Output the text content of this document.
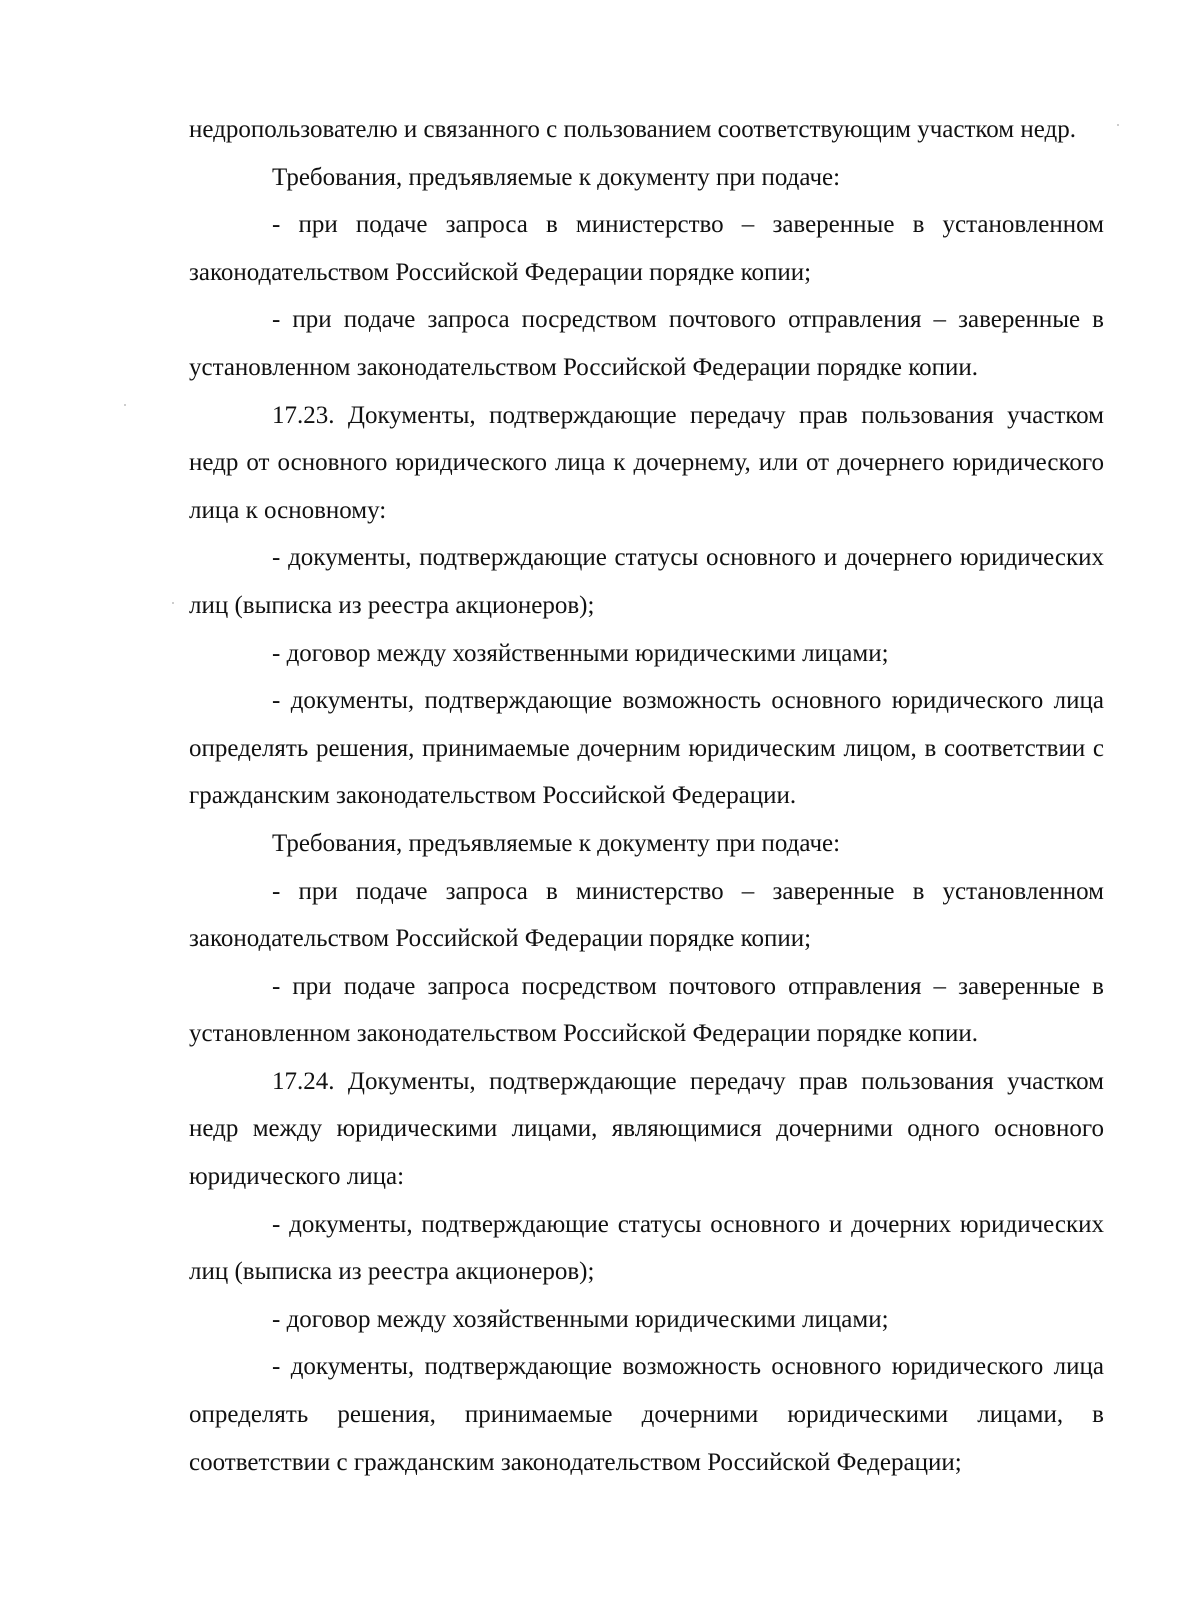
недропользователю и связанного с пользованием соответствующим участком недр.

Требования, предъявляемые к документу при подаче:

- при подаче запроса в министерство – заверенные в установленном законодательством Российской Федерации порядке копии;

- при подаче запроса посредством почтового отправления – заверенные в установленном законодательством Российской Федерации порядке копии.

17.23. Документы, подтверждающие передачу прав пользования участком недр от основного юридического лица к дочернему, или от дочернего юридического лица к основному:

- документы, подтверждающие статусы основного и дочернего юридических лиц (выписка из реестра акционеров);

- договор между хозяйственными юридическими лицами;

- документы, подтверждающие возможность основного юридического лица определять решения, принимаемые дочерним юридическим лицом, в соответствии с гражданским законодательством Российской Федерации.

Требования, предъявляемые к документу при подаче:

- при подаче запроса в министерство – заверенные в установленном законодательством Российской Федерации порядке копии;

- при подаче запроса посредством почтового отправления – заверенные в установленном законодательством Российской Федерации порядке копии.

17.24. Документы, подтверждающие передачу прав пользования участком недр между юридическими лицами, являющимися дочерними одного основного юридического лица:

- документы, подтверждающие статусы основного и дочерних юридических лиц (выписка из реестра акционеров);

- договор между хозяйственными юридическими лицами;

- документы, подтверждающие возможность основного юридического лица определять решения, принимаемые дочерними юридическими лицами, в соответствии с гражданским законодательством Российской Федерации;
